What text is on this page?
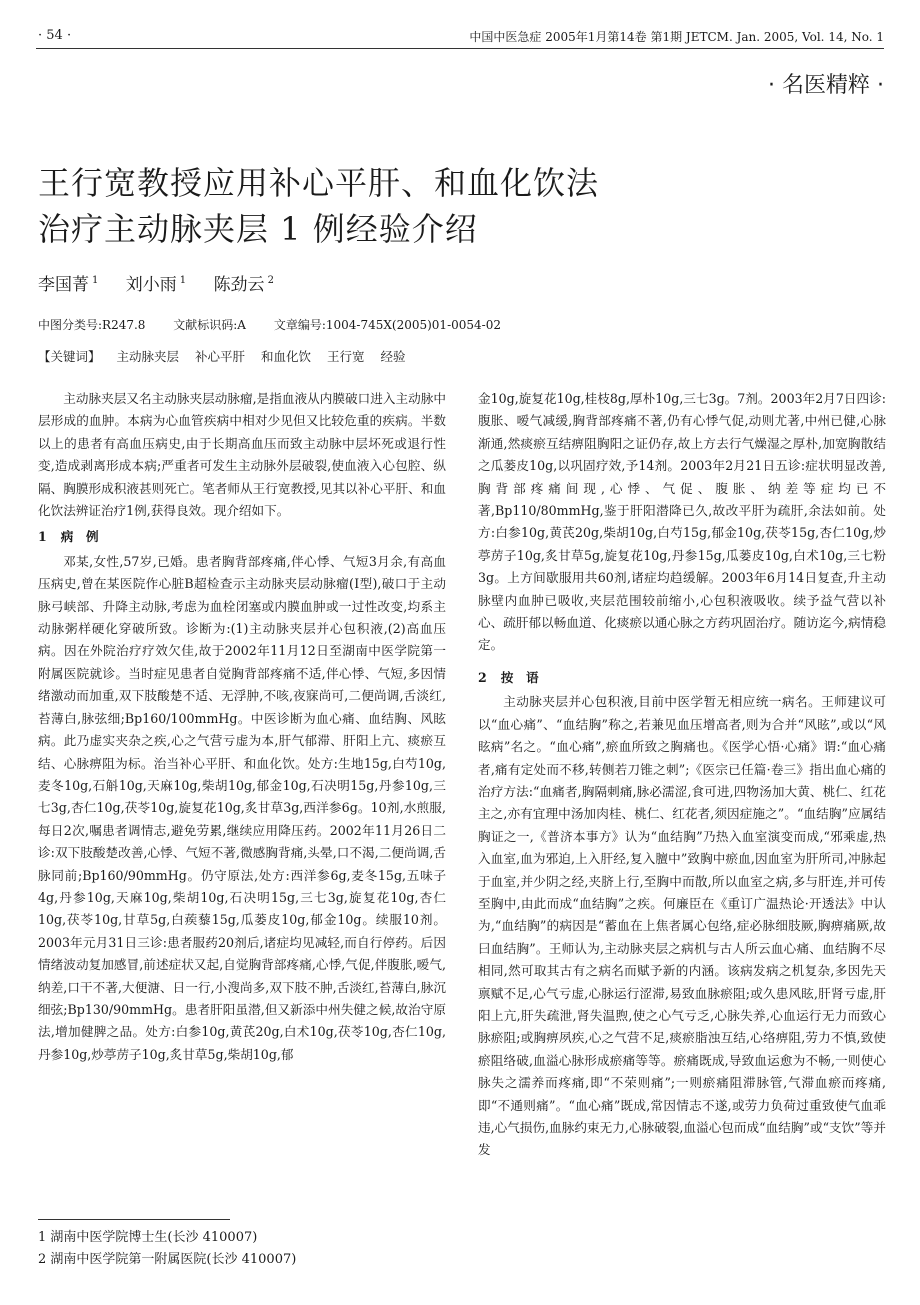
· 54 ·	中国中医急症 2005年1月第14卷 第1期 JETCM. Jan. 2005, Vol. 14, No. 1
· 名医精粹 ·
王行宽教授应用补心平肝、和血化饮法
治疗主动脉夹层 1 例经验介绍
李国菁 $^1$ 刘小雨 $^1$ 陈劲云 $^2$
中图分类号:R247.8 文献标识码:A 文章编号:1004-745X(2005)01-0054-02
【关键词】 主动脉夹层 补心平肝 和血化饮 王行宽 经验

主动脉夹层又名主动脉夹层动脉瘤,是指血液从内膜破口进入主动脉中层形成的血肿。本病为心血管疾病中相对少见但又比较危重的疾病。半数以上的患者有高血压病史,由于长期高血压而致主动脉中层坏死或退行性变,造成剥离形成本病;严重者可发生主动脉外层破裂,使血液入心包腔、纵隔、胸膜形成积液甚则死亡。笔者师从王行宽教授,见其以补心平肝、和血化饮法辨证治疗1例,获得良效。现介绍如下。

1 病　例

邓某,女性,57岁,已婚。患者胸背部疼痛,伴心悸、气短3月余,有高血压病史,曾在某医院作心脏B超检查示主动脉夹层动脉瘤(Ⅰ型),破口于主动脉弓峡部、升降主动脉,考虑为血栓闭塞或内膜血肿或一过性改变,均系主动脉粥样硬化穿破所致。诊断为:(1)主动脉夹层并心包积液,(2)高血压病。因在外院治疗疗效欠佳,故于2002年11月12日至湖南中医学院第一附属医院就诊。当时症见患者自觉胸背部疼痛不适,伴心悸、气短,多因情绪激动而加重,双下肢酸楚不适、无浮肿,不咳,夜寐尚可,二便尚调,舌淡红,苔薄白,脉弦细;Bp160/100mmHg。中医诊断为血心痛、血结胸、风眩病。此乃虚实夹杂之疾,心之气营亏虚为本,肝气郁滞、肝阳上亢、痰瘀互结、心脉痹阻为标。治当补心平肝、和血化饮。处方:生地15g,白芍10g,麦冬10g,石斛10g,天麻10g,柴胡10g,郁金10g,石决明15g,丹参10g,三七3g,杏仁10g,茯苓10g,旋复花10g,炙甘草3g,西洋参6g。10剂,水煎服,每日2次,嘱患者调情志,避免劳累,继续应用降压药。2002年11月26日二诊:双下肢酸楚改善,心悸、气短不著,微感胸背痛,头晕,口不渴,二便尚调,舌脉同前;Bp160/90mmHg。仍守原法,处方:西洋参6g,麦冬15g,五味子4g,丹参10g,天麻10g,柴胡10g,石决明15g,三七3g,旋复花10g,杏仁10g,茯苓10g,甘草5g,白蒺藜15g,瓜蒌皮10g,郁金10g。续服10剂。2003年元月31日三诊:患者服药20剂后,诸症均见减轻,而自行停药。后因情绪波动复加感冒,前述症状又起,自觉胸背部疼痛,心悸,气促,伴腹胀,嗳气,纳差,口干不著,大便溏、日一行,小溲尚多,双下肢不肿,舌淡红,苔薄白,脉沉细弦;Bp130/90mmHg。患者肝阳虽潜,但又新添中州失健之候,故治守原法,增加健脾之品。处方:白参10g,黄芪20g,白术10g,茯苓10g,杏仁10g,丹参10g,炒葶苈子10g,炙甘草5g,柴胡10g,郁

金10g,旋复花10g,桂枝8g,厚朴10g,三七3g。7剂。2003年2月7日四诊:腹胀、嗳气减缓,胸背部疼痛不著,仍有心悸气促,动则尤著,中州已健,心脉渐通,然痰瘀互结痹阻胸阳之证仍存,故上方去行气燥湿之厚朴,加宽胸散结之瓜蒌皮10g,以巩固疗效,予14剂。2003年2月21日五诊:症状明显改善,胸背部疼痛间现,心悸、气促、腹胀、纳差等症均已不著,Bp110/80mmHg,鉴于肝阳潜降已久,故改平肝为疏肝,余法如前。处方:白参10g,黄芪20g,柴胡10g,白芍15g,郁金10g,茯苓15g,杏仁10g,炒葶苈子10g,炙甘草5g,旋复花10g,丹参15g,瓜蒌皮10g,白术10g,三七粉3g。上方间歇服用共60剂,诸症均趋缓解。2003年6月14日复查,升主动脉壁内血肿已吸收,夹层范围较前缩小,心包积液吸收。续予益气营以补心、疏肝郁以畅血道、化痰瘀以通心脉之方药巩固治疗。随访迄今,病情稳定。

2 按　语

主动脉夹层并心包积液,目前中医学暂无相应统一病名。王师建议可以“血心痛”、“血结胸”称之,若兼见血压增高者,则为合并“风眩”,或以“风眩病”名之。“血心痛”,瘀血所致之胸痛也。《医学心悟·心痛》谓:“血心痛者,痛有定处而不移,转侧若刀锥之刺”;《医宗已任篇·卷三》指出血心痛的治疗方法:“血痛者,胸隔刺痛,脉必濡涩,食可进,四物汤加大黄、桃仁、红花主之,亦有宜理中汤加肉桂、桃仁、红花者,须因症施之”。“血结胸”应属结胸证之一,《普济本事方》认为“血结胸”乃热入血室演变而成,“邪乘虚,热入血室,血为邪迫,上入肝经,复入膻中”致胸中瘀血,因血室为肝所司,冲脉起于血室,并少阴之经,夹脐上行,至胸中而散,所以血室之病,多与肝连,并可传至胸中,由此而成“血结胸”之疾。何廉臣在《重订广温热论·开透法》中认为,“血结胸”的病因是“蓄血在上焦者属心包络,症必脉细肢厥,胸痹痛厥,故曰血结胸”。王师认为,主动脉夹层之病机与古人所云血心痛、血结胸不尽相同,然可取其古有之病名而赋予新的内涵。该病发病之机复杂,多因先天禀赋不足,心气亏虚,心脉运行涩滞,易致血脉瘀阻;或久患风眩,肝肾亏虚,肝阳上亢,肝失疏泄,肾失温煦,使之心气亏乏,心脉失养,心血运行无力而致心脉瘀阻;或胸痹夙疾,心之气营不足,痰瘀脂浊互结,心络痹阻,劳力不慎,致使瘀阻络破,血溢心脉形成瘀痛等等。瘀痛既成,导致血运愈为不畅,一则使心脉失之濡养而疼痛,即“不荣则痛”;一则瘀痛阻滞脉管,气滞血瘀而疼痛,即“不通则痛”。“血心痛”既成,常因情志不遂,或劳力负荷过重致使气血乖违,心气损伤,血脉约束无力,心脉破裂,血溢心包而成“血结胸”或“支饮”等并发

1 湖南中医学院博士生(长沙 410007)
2 湖南中医学院第一附属医院(长沙 410007)
